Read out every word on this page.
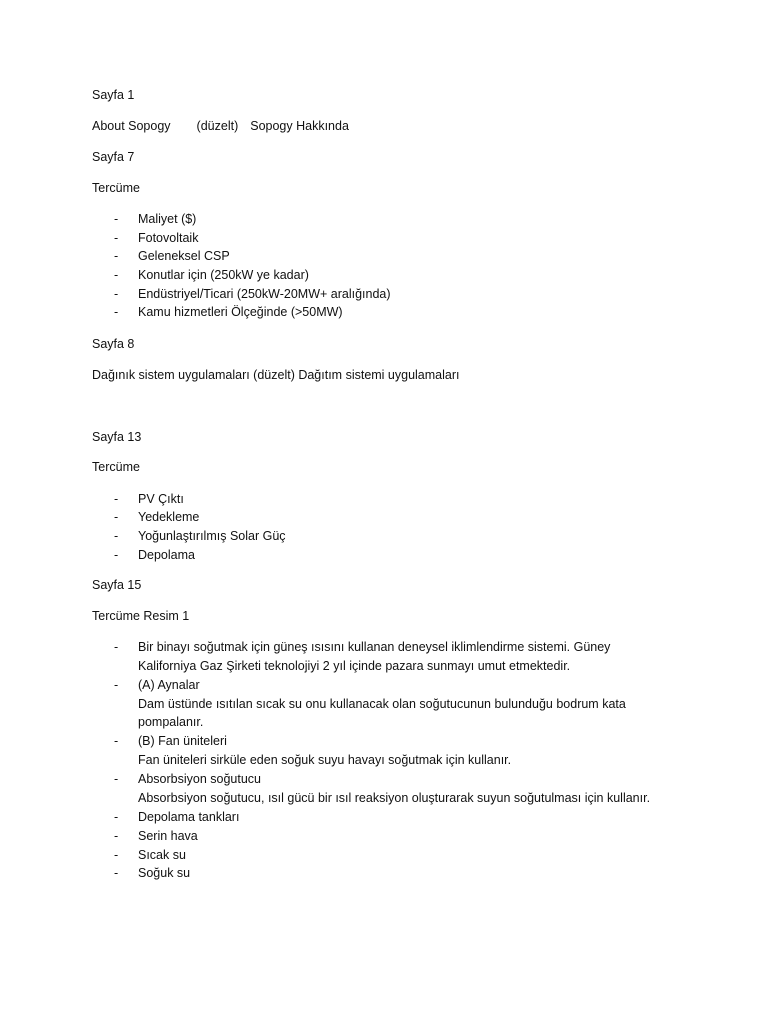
Sayfa 1
About Sopogy (düzelt) Sopogy Hakkında
Sayfa 7
Tercüme
- Maliyet ($)
- Fotovoltaik
- Geleneksel CSP
- Konutlar için (250kW ye kadar)
- Endüstriyel/Ticari (250kW-20MW+ aralığında)
- Kamu hizmetleri Ölçeğinde (>50MW)
Sayfa 8
Dağınık sistem uygulamaları (düzelt) Dağıtım sistemi uygulamaları
Sayfa 13
Tercüme
- PV Çıktı
- Yedekleme
- Yoğunlaştırılmış Solar Güç
- Depolama
Sayfa 15
Tercüme Resim 1
- Bir binayı soğutmak için güneş ısısını kullanan deneysel iklimlendirme sistemi. Güney
Kaliforniya Gaz Şirketi teknolojiyi 2 yıl içinde pazara sunmayı umut etmektedir.
- (A) Aynalar
Dam üstünde ısıtılan sıcak su onu kullanacak olan soğutucunun bulunduğu bodrum kata
pompalanır.
- (B) Fan üniteleri
Fan üniteleri sirküle eden soğuk suyu havayı soğutmak için kullanır.
- Absorbsiyon soğutucu
Absorbsiyon soğutucu, ısıl gücü bir ısıl reaksiyon oluşturarak suyun soğutulması için kullanır.
- Depolama tankları
- Serin hava
- Sıcak su
- Soğuk su
